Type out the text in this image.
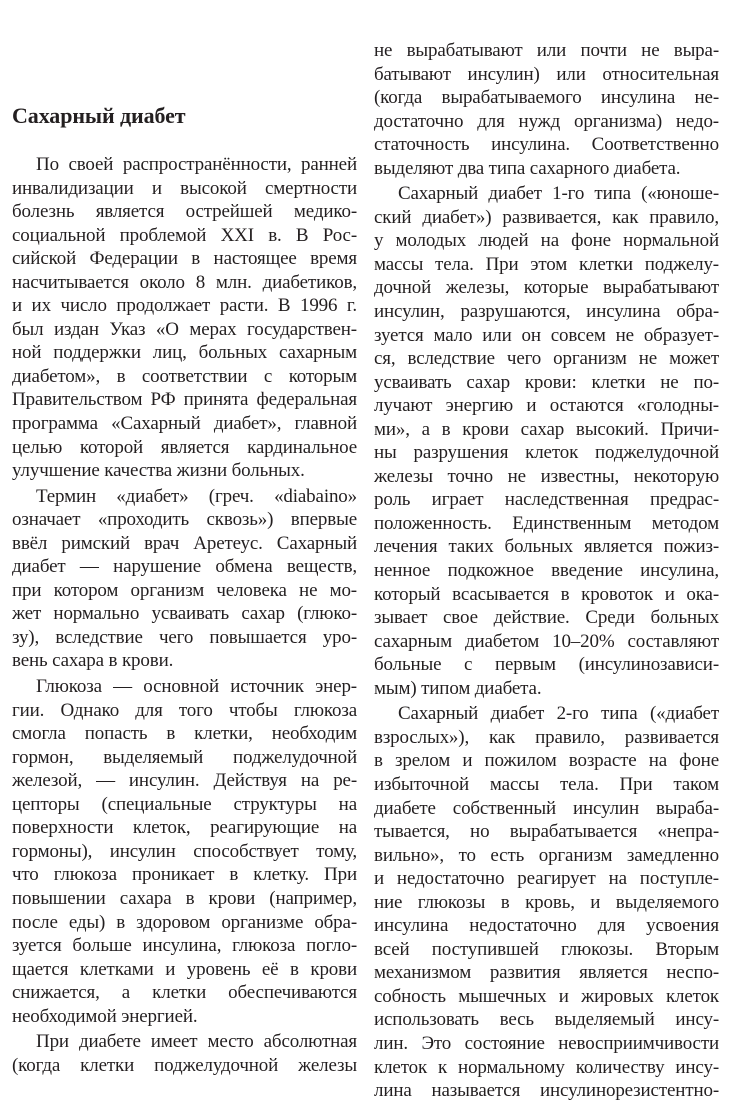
Сахарный диабет
По своей распространённости, ранней
инвалидизации и высокой смертности
болезнь является острейшей медико-
социальной проблемой XXI в. В Рос-
сийской Федерации в настоящее время
насчитывается около 8 млн. диабетиков,
и их число продолжает расти. В 1996 г.
был издан Указ «О мерах государствен-
ной поддержки лиц, больных сахарным
диабетом», в соответствии с которым
Правительством РФ принята федеральная
программа «Сахарный диабет», главной
целью которой является кардинальное
улучшение качества жизни больных.
Термин «диабет» (греч. «diabaino»
означает «проходить сквозь») впервые
ввёл римский врач Аретеус. Сахарный
диабет — нарушение обмена веществ,
при котором организм человека не мо-
жет нормально усваивать сахар (глюко-
зу), вследствие чего повышается уро-
вень сахара в крови.
Глюкоза — основной источник энер-
гии. Однако для того чтобы глюкоза
смогла попасть в клетки, необходим
гормон, выделяемый поджелудочной
железой, — инсулин. Действуя на ре-
цепторы (специальные структуры на
поверхности клеток, реагирующие на
гормоны), инсулин способствует тому,
что глюкоза проникает в клетку. При
повышении сахара в крови (например,
после еды) в здоровом организме обра-
зуется больше инсулина, глюкоза погло-
щается клетками и уровень её в крови
снижается, а клетки обеспечиваются
необходимой энергией.
При диабете имеет место абсолютная
(когда клетки поджелудочной железы
не вырабатывают или почти не выра-
батывают инсулин) или относительная
(когда вырабатываемого инсулина не-
достаточно для нужд организма) недо-
статочность инсулина. Соответственно
выделяют два типа сахарного диабета.
Сахарный диабет 1-го типа («юноше-
ский диабет») развивается, как правило,
у молодых людей на фоне нормальной
массы тела. При этом клетки поджелу-
дочной железы, которые вырабатывают
инсулин, разрушаются, инсулина обра-
зуется мало или он совсем не образует-
ся, вследствие чего организм не может
усваивать сахар крови: клетки не по-
лучают энергию и остаются «голодны-
ми», а в крови сахар высокий. Причи-
ны разрушения клеток поджелудочной
железы точно не известны, некоторую
роль играет наследственная предрас-
положенность. Единственным методом
лечения таких больных является пожиз-
ненное подкожное введение инсулина,
который всасывается в кровоток и ока-
зывает свое действие. Среди больных
сахарным диабетом 10–20% составляют
больные с первым (инсулинозависи-
мым) типом диабета.
Сахарный диабет 2-го типа («диабет
взрослых»), как правило, развивается
в зрелом и пожилом возрасте на фоне
избыточной массы тела. При таком
диабете собственный инсулин выраба-
тывается, но вырабатывается «непра-
вильно», то есть организм замедленно
и недостаточно реагирует на поступле-
ние глюкозы в кровь, и выделяемого
инсулина недостаточно для усвоения
всей поступившей глюкозы. Вторым
механизмом развития является неспо-
собность мышечных и жировых клеток
использовать весь выделяемый инсу-
лин. Это состояние невосприимчивости
клеток к нормальному количеству инсу-
лина называется инсулинорезистентно-
